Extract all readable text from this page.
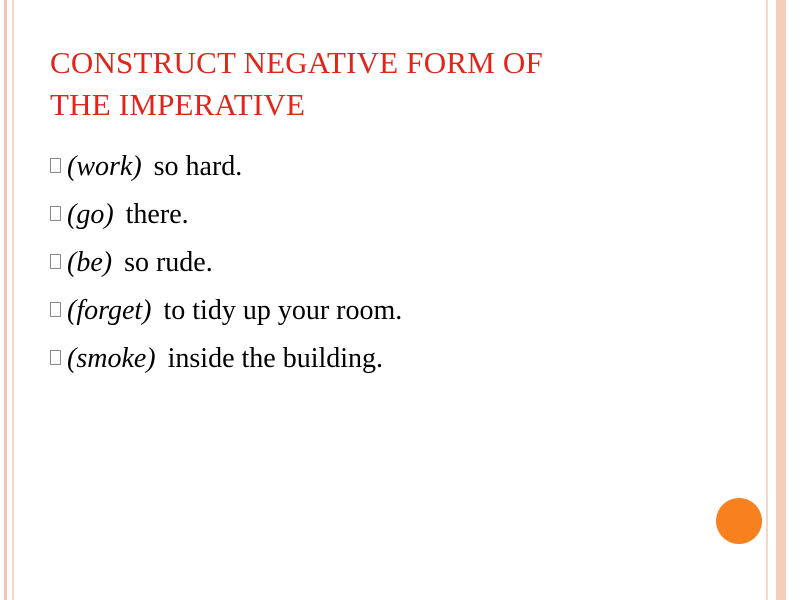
CONSTRUCT NEGATIVE FORM OF
THE IMPERATIVE
(work) so hard.
(go) there.
(be) so rude.
(forget) to tidy up your room.
(smoke) inside the building.
